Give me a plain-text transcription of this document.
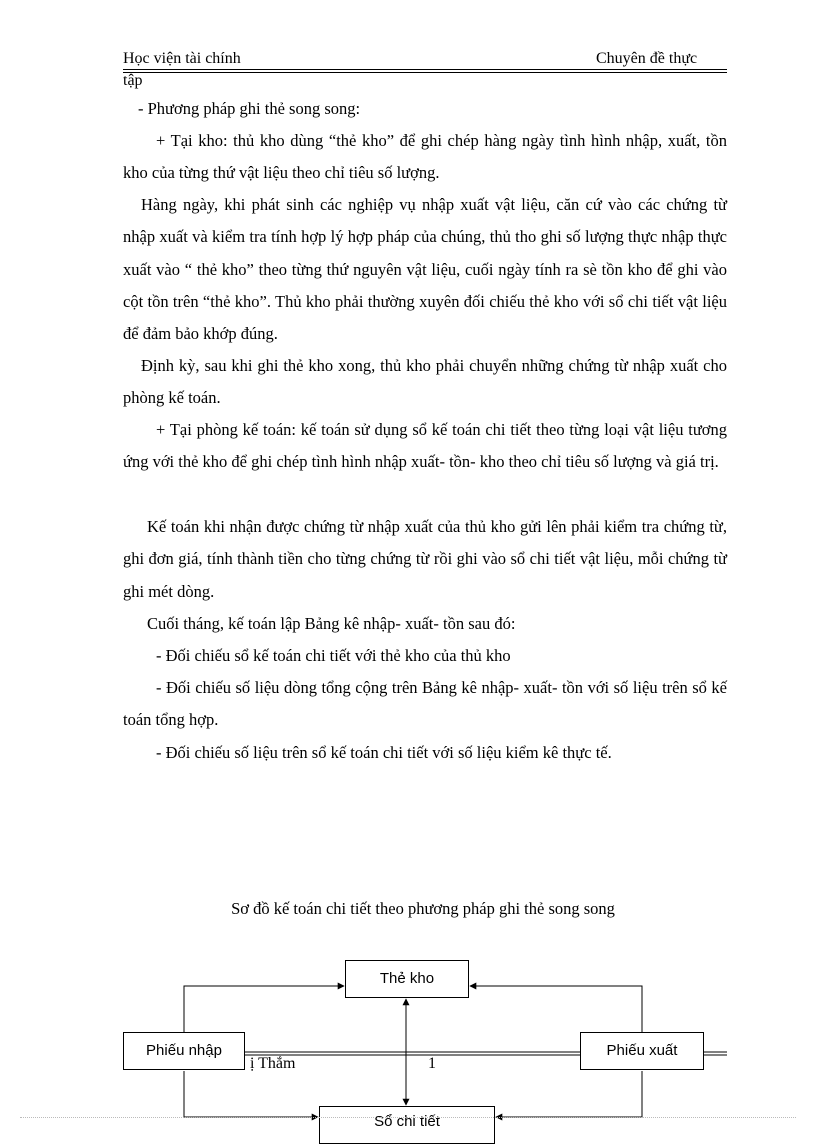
Học viện tài chính	Chuyên đề thực
tập

- Phương pháp ghi thẻ song song:

+ Tại kho: thủ kho dùng “thẻ kho” để ghi chép hàng ngày tình hình nhập, xuất, tồn kho của từng thứ vật liệu theo chỉ tiêu số lượng.

Hàng ngày, khi phát sinh các nghiệp vụ nhập xuất vật liệu, căn cứ vào các chứng từ nhập xuất và kiểm tra tính hợp lý hợp pháp của chúng, thủ tho ghi số lượng thực nhập thực xuất vào “ thẻ kho” theo từng thứ nguyên vật liệu, cuối ngày tính ra sè tồn kho để ghi vào cột tồn trên “thẻ kho”. Thủ kho phải thường xuyên đối chiếu thẻ kho với sổ chi tiết vật liệu để đảm bảo khớp đúng.

Định kỳ, sau khi ghi thẻ kho xong, thủ kho phải chuyển những chứng từ nhập xuất cho phòng kế toán.

+ Tại phòng kế toán: kế toán sử dụng sổ kế toán chi tiết theo từng loại vật liệu tương ứng với thẻ kho để ghi chép tình hình nhập xuất- tồn- kho theo chỉ tiêu số lượng và giá trị.

Kế toán khi nhận được chứng từ nhập xuất của thủ kho gửi lên phải kiểm tra chứng từ, ghi đơn giá, tính thành tiền cho từng chứng từ rồi ghi vào sổ chi tiết vật liệu, mỗi chứng từ ghi mét dòng.

Cuối tháng, kế toán lập Bảng kê nhập- xuất- tồn sau đó:

- Đối chiếu sổ kế toán chi tiết với thẻ kho của thủ kho

- Đối chiếu số liệu dòng tổng cộng trên Bảng kê nhập- xuất- tồn với số liệu trên sổ kế toán tổng hợp.

- Đối chiếu số liệu trên sổ kế toán chi tiết với số liệu kiểm kê thực tế.

Sơ đồ kế toán chi tiết theo phương pháp ghi thẻ song song
ị Thắm	1
Thẻ kho
Phiếu nhập	Phiếu xuất
Sổ chi tiết
